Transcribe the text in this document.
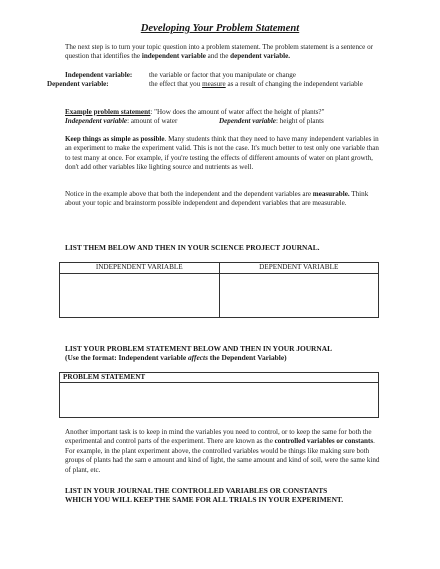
Developing Your Problem Statement

The next step is to turn your topic question into a problem statement. The problem statement is a sentence or question that identifies the independent variable and the dependent variable.

Independent variable: the variable or factor that you manipulate or change
Dependent variable:	the effect that you measure as a result of changing the independent variable
Example problem statement: "How does the amount of water affect the height of plants?"
Independent variable: amount of water	Dependent variable: height of plants

Keep things as simple as possible. Many students think that they need to have many independent variables in an experiment to make the experiment valid. This is not the case. It's much better to test only one variable than to test many at once. For example, if you're testing the effects of different amounts of water on plant growth, don't add other variables like lighting source and nutrients as well.

Notice in the example above that both the independent and the dependent variables are measurable. Think about your topic and brainstorm possible independent and dependent variables that are measurable.

LIST THEM BELOW AND THEN IN YOUR SCIENCE PROJECT JOURNAL.
INDEPENDENT VARIABLE	DEPENDENT VARIABLE

LIST YOUR PROBLEM STATEMENT BELOW AND THEN IN YOUR JOURNAL
(Use the format: Independent variable affects the Dependent Variable)
PROBLEM STATEMENT

Another important task is to keep in mind the variables you need to control, or to keep the same for both the experimental and control parts of the experiment. There are known as the controlled variables or constants. For example, in the plant experiment above, the controlled variables would be things like making sure both groups of plants had the sam e amount and kind of light, the same amount and kind of soil, were the same kind of plant, etc.

LIST IN YOUR JOURNAL THE CONTROLLED VARIABLES OR CONSTANTS
WHICH YOU WILL KEEP THE SAME FOR ALL TRIALS IN YOUR EXPERIMENT.
